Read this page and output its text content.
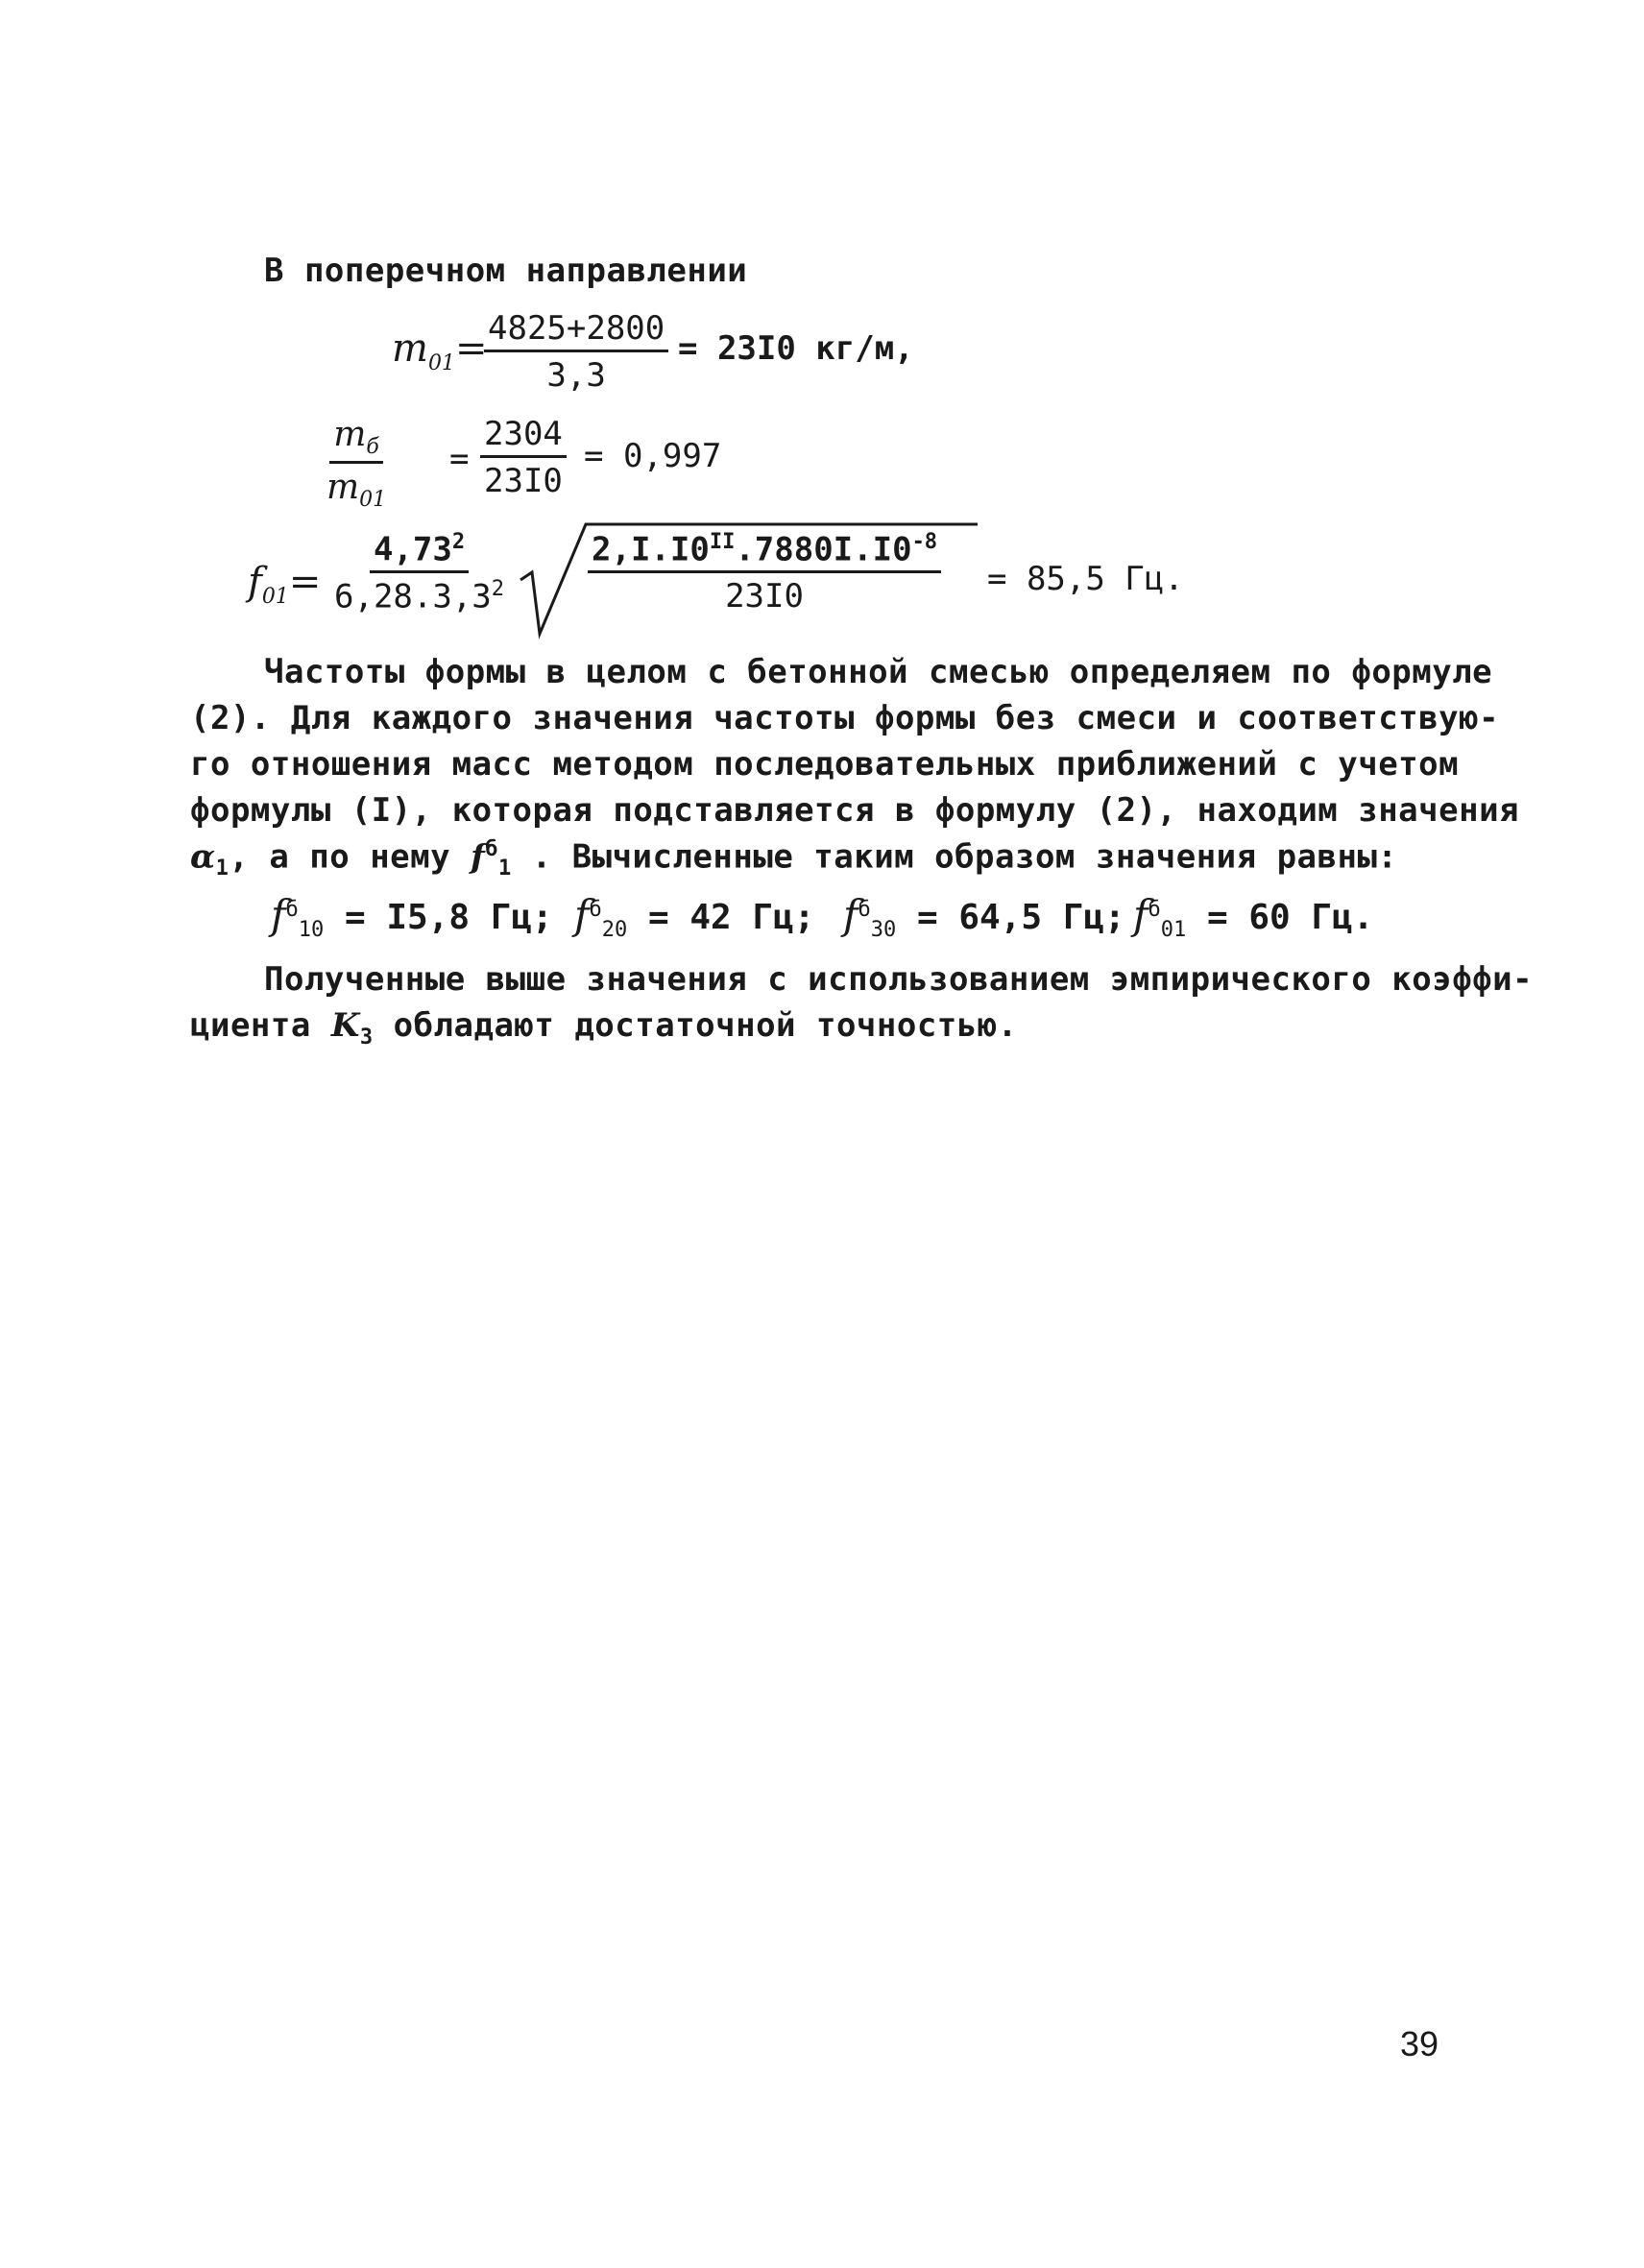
В поперечном направлении
$m_{01}=$
$\frac{4825+2800}{3,3} = 23I0$ кг/м,
$m_б$
$m_{01}$
= $\frac{2304}{23I0} = 0,997$
$f_{01}= \frac{4,73^2}{6,28.3,3^2}$	$\frac{2,I.I0^{II}.7880I.I0^{-8}}{23I0} = 85,5$ Гц.
Частоты формы в целом с бетонной смесью определяем по формуле
(2). Для каждого значения частоты формы без смеси и соответствую-
го отношения масс методом последовательных приближений с учетом
формулы (I), которая подставляется в формулу (2), находим значения
$\alpha_1$, а по нему $f^б_1$ . Вычисленные таким образом значения равны:
$f^б_{10} = I5,8$ Гц; $f^б_{20} = 42$ Гц; $f^б_{30} = 64,5$ Гц; $f^б_{01} = 60$ Гц.
Полученные выше значения с использованием эмпирического коэффи-
циента $K_3$ обладают достаточной точностью.
39
